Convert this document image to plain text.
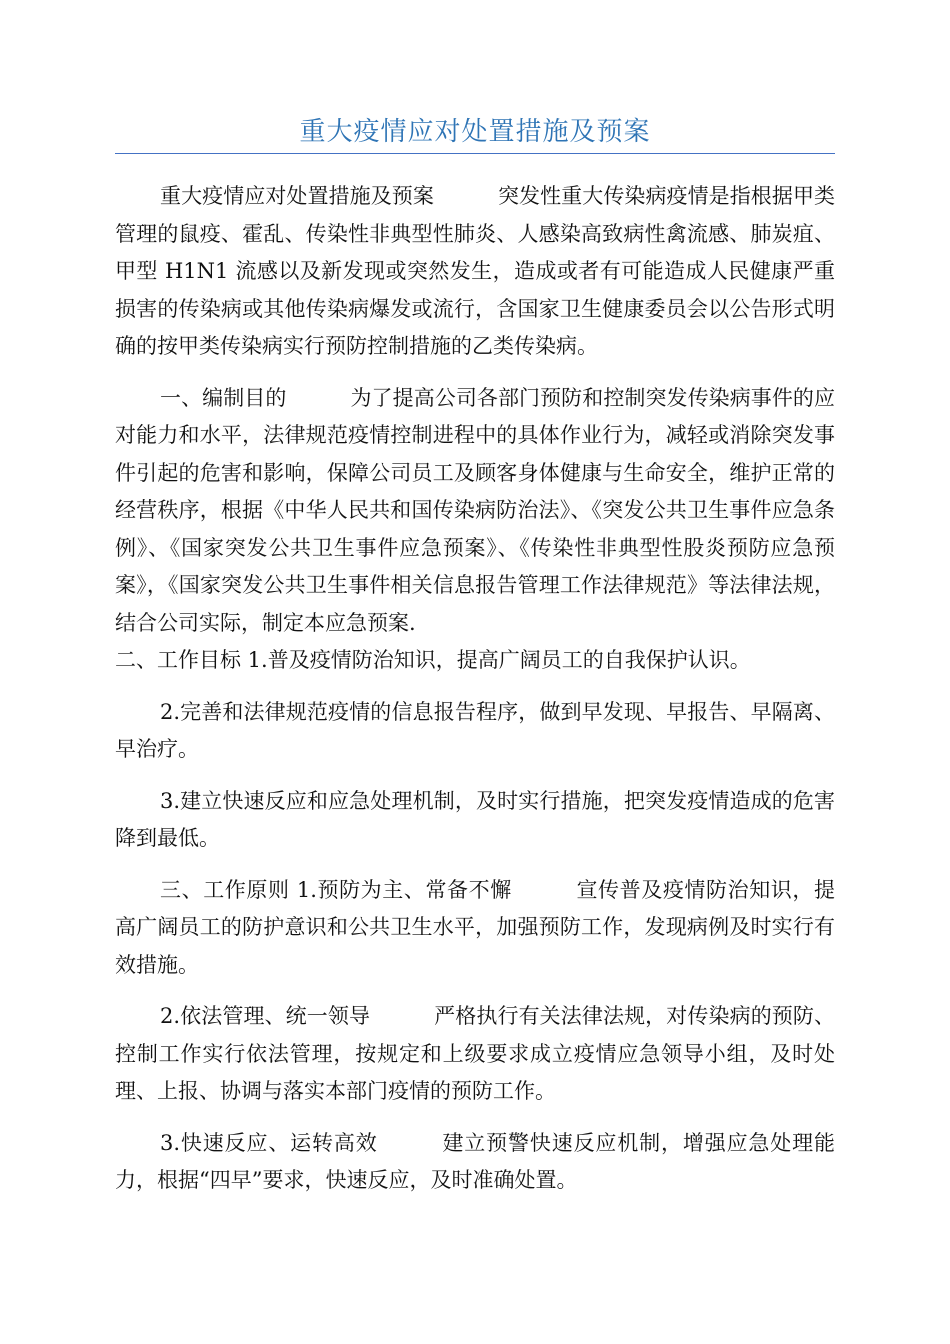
重大疫情应对处置措施及预案

重大疫情应对处置措施及预案	突发性重大传染病疫情是指根据甲类管理的鼠疫、霍乱、传染性非典型性肺炎、人感染高致病性禽流感、肺炭疽、甲型 H1N1 流感以及新发现或突然发生，造成或者有可能造成人民健康严重损害的传染病或其他传染病爆发或流行，含国家卫生健康委员会以公告形式明确的按甲类传染病实行预防控制措施的乙类传染病。

一、编制目的	为了提高公司各部门预防和控制突发传染病事件的应对能力和水平，法律规范疫情控制进程中的具体作业行为，减轻或消除突发事件引起的危害和影响，保障公司员工及顾客身体健康与生命安全，维护正常的经营秩序，根据《中华人民共和国传染病防治法》、《突发公共卫生事件应急条例》、《国家突发公共卫生事件应急预案》、《传染性非典型性股炎预防应急预案》，《国家突发公共卫生事件相关信息报告管理工作法律规范》等法律法规，结合公司实际，制定本应急预案.

二、工作目标 1.普及疫情防治知识，提高广阔员工的自我保护认识。

2.完善和法律规范疫情的信息报告程序，做到早发现、早报告、早隔离、早治疗。

3.建立快速反应和应急处理机制，及时实行措施，把突发疫情造成的危害降到最低。

三、工作原则 1.预防为主、常备不懈	宣传普及疫情防治知识，提高广阔员工的防护意识和公共卫生水平，加强预防工作，发现病例及时实行有效措施。

2.依法管理、统一领导	严格执行有关法律法规，对传染病的预防、控制工作实行依法管理，按规定和上级要求成立疫情应急领导小组，及时处理、上报、协调与落实本部门疫情的预防工作。

3.快速反应、运转高效	建立预警快速反应机制，增强应急处理能力，根据“四早”要求，快速反应，及时准确处置。
